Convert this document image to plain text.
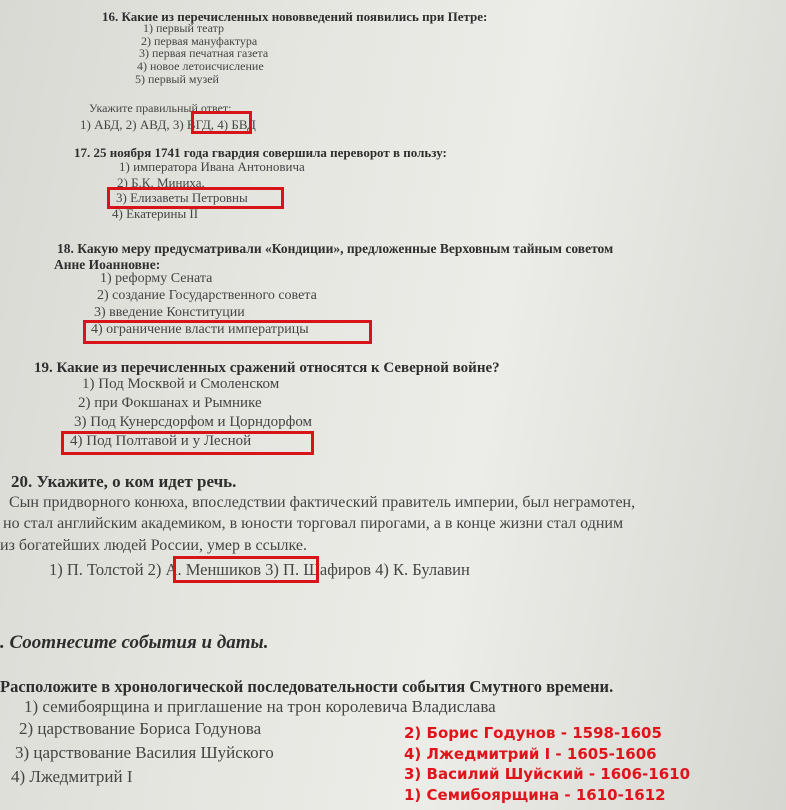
16. Какие из перечисленных нововведений появились при Петре:
1) первый театр
2) первая мануфактура
3) первая печатная газета
4) новое летоисчисление
5) первый музей
Укажите правильный ответ:
1) АБД, 2) АВД, 3) ВГД, 4) БВД
17. 25 ноября 1741 года гвардия совершила переворот в пользу:
1) императора Ивана Антоновича
2) Б.К. Миниха,
3) Елизаветы Петровны
4) Екатерины II
18. Какую меру предусматривали «Кондиции», предложенные Верховным тайным советом
Анне Иоанновне:
1) реформу Сената
2) создание Государственного совета
3) введение Конституции
4) ограничение власти императрицы
19. Какие из перечисленных сражений относятся к Северной войне?
1) Под Москвой и Смоленском
2) при Фокшанах и Рымнике
3) Под Кунерсдорфом и Цорндорфом
4) Под Полтавой и у Лесной
20. Укажите, о ком идет речь.
Сын придворного конюха, впоследствии фактический правитель империи, был неграмотен,
но стал английским академиком, в юности торговал пирогами, а в конце жизни стал одним
из богатейших людей России, умер в ссылке.
1) П. Толстой 2) А. Меншиков 3) П. Шафиров 4) К. Булавин
. Соотнесите события и даты.
Расположите в хронологической последовательности события Смутного времени.
1) семибоярщина и приглашение на трон королевича Владислава
2) царствование Бориса Годунова
3) царствование Василия Шуйского
4) Лжедмитрий I
2) Борис Годунов - 1598-1605
4) Лжедмитрий I - 1605-1606
3) Василий Шуйский - 1606-1610
1) Семибоярщина - 1610-1612
